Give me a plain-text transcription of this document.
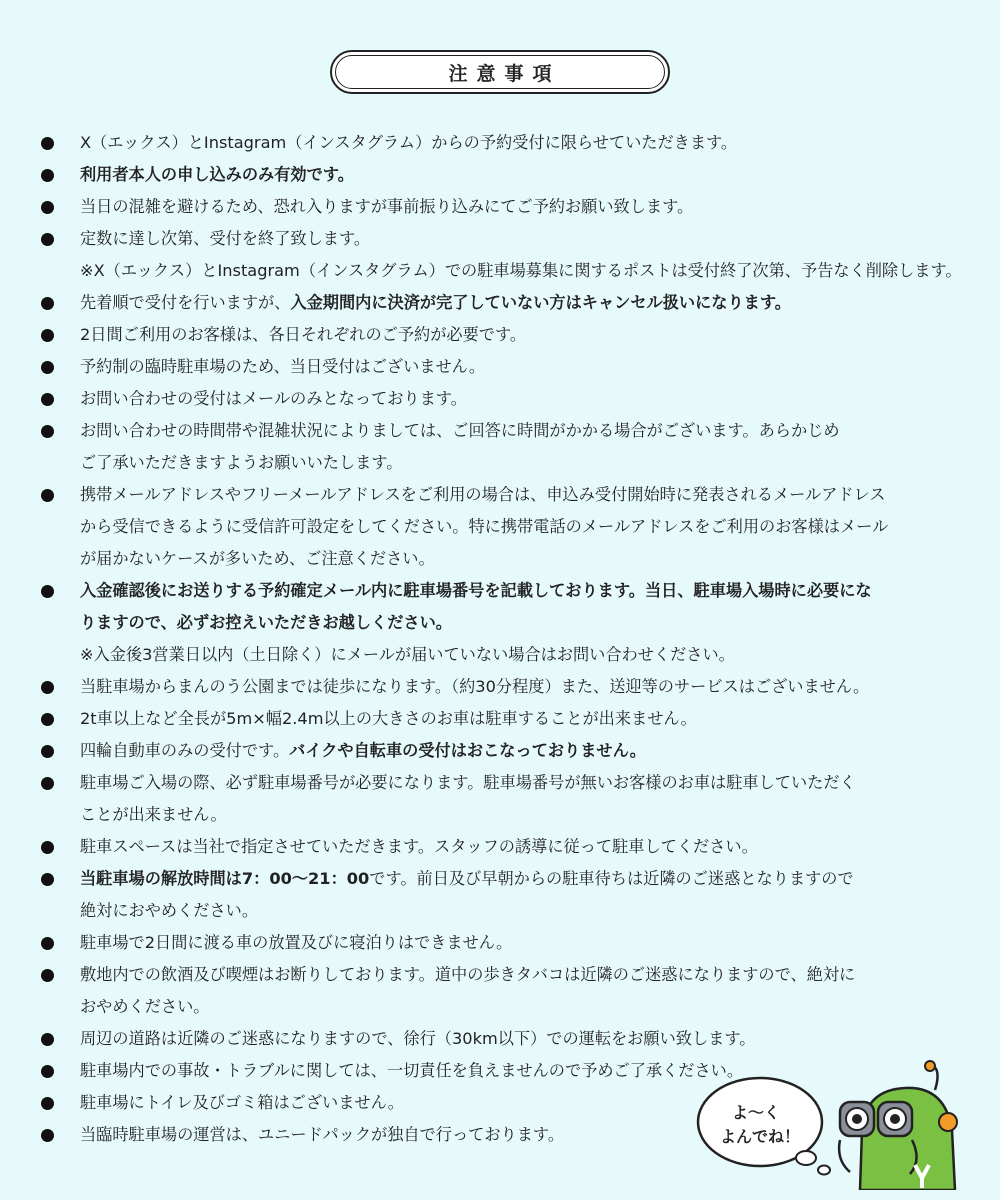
注意事項
X（エックス）とInstagram（インスタグラム）からの予約受付に限らせていただきます。
利用者本人の申し込みのみ有効です。
当日の混雑を避けるため、恐れ入りますが事前振り込みにてご予約お願い致します。
定数に達し次第、受付を終了致します。
※X（エックス）とInstagram（インスタグラム）での駐車場募集に関するポストは受付終了次第、予告なく削除します。
先着順で受付を行いますが、入金期間内に決済が完了していない方はキャンセル扱いになります。
2日間ご利用のお客様は、各日それぞれのご予約が必要です。
予約制の臨時駐車場のため、当日受付はございません。
お問い合わせの受付はメールのみとなっております。
お問い合わせの時間帯や混雑状況によりましては、ご回答に時間がかかる場合がございます。あらかじめ
ご了承いただきますようお願いいたします。
携帯メールアドレスやフリーメールアドレスをご利用の場合は、申込み受付開始時に発表されるメールアドレス
から受信できるように受信許可設定をしてください。特に携帯電話のメールアドレスをご利用のお客様はメール
が届かないケースが多いため、ご注意ください。
入金確認後にお送りする予約確定メール内に駐車場番号を記載しております。当日、駐車場入場時に必要にな
りますので、必ずお控えいただきお越しください。
※入金後3営業日以内（土日除く）にメールが届いていない場合はお問い合わせください。
当駐車場からまんのう公園までは徒歩になります。（約30分程度）また、送迎等のサービスはございません。
2t車以上など全長が5m×幅2.4m以上の大きさのお車は駐車することが出来ません。
四輪自動車のみの受付です。バイクや自転車の受付はおこなっておりません。
駐車場ご入場の際、必ず駐車場番号が必要になります。駐車場番号が無いお客様のお車は駐車していただく
ことが出来ません。
駐車スペースは当社で指定させていただきます。スタッフの誘導に従って駐車してください。
当駐車場の解放時間は7：00〜21：00です。前日及び早朝からの駐車待ちは近隣のご迷惑となりますので
絶対におやめください。
駐車場で2日間に渡る車の放置及びに寝泊りはできません。
敷地内での飲酒及び喫煙はお断りしております。道中の歩きタバコは近隣のご迷惑になりますので、絶対に
おやめください。
周辺の道路は近隣のご迷惑になりますので、徐行（30km以下）での運転をお願い致します。
駐車場内での事故・トラブルに関しては、一切責任を負えませんので予めご了承ください。
駐車場にトイレ及びゴミ箱はございません。
当臨時駐車場の運営は、ユニードパックが独自で行っております。
よ〜く
よんでね！
